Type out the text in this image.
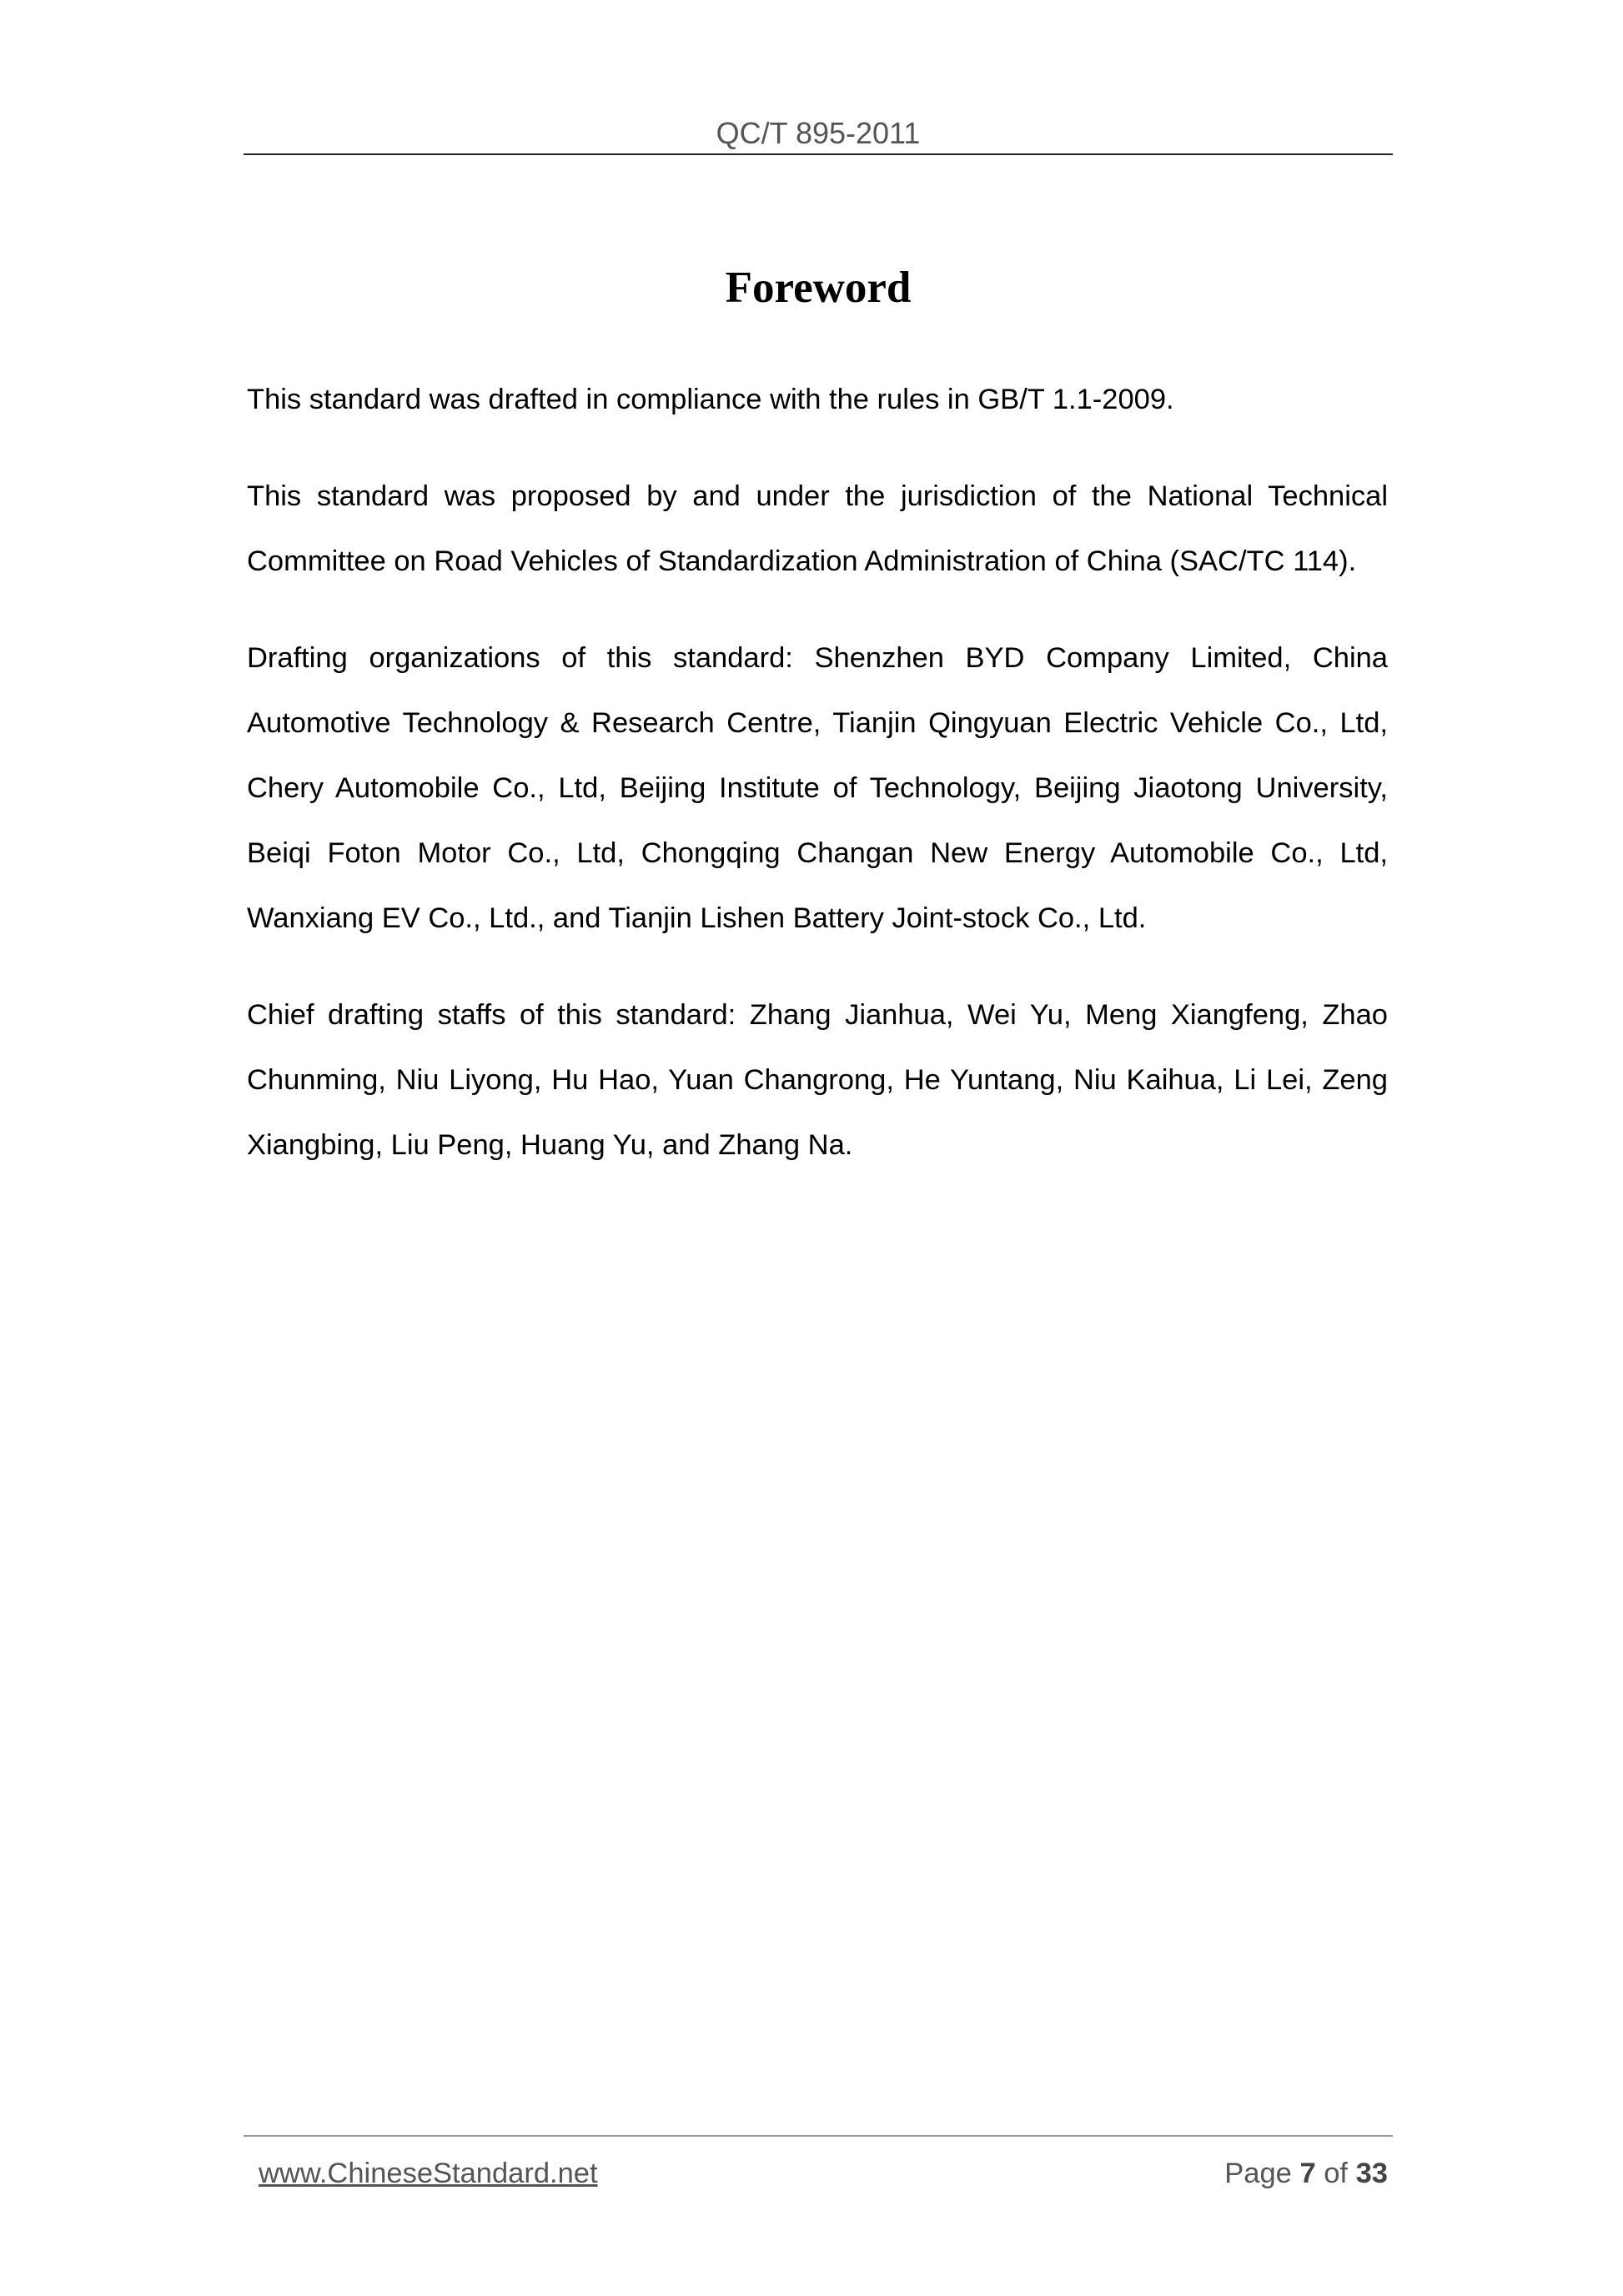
QC/T 895-2011
Foreword

This standard was drafted in compliance with the rules in GB/T 1.1-2009.

This standard was proposed by and under the jurisdiction of the National Technical Committee on Road Vehicles of Standardization Administration of China (SAC/TC 114).

Drafting organizations of this standard: Shenzhen BYD Company Limited, China Automotive Technology & Research Centre, Tianjin Qingyuan Electric Vehicle Co., Ltd, Chery Automobile Co., Ltd, Beijing Institute of Technology, Beijing Jiaotong University, Beiqi Foton Motor Co., Ltd, Chongqing Changan New Energy Automobile Co., Ltd, Wanxiang EV Co., Ltd., and Tianjin Lishen Battery Joint-stock Co., Ltd.

Chief drafting staffs of this standard: Zhang Jianhua, Wei Yu, Meng Xiangfeng, Zhao Chunming, Niu Liyong, Hu Hao, Yuan Changrong, He Yuntang, Niu Kaihua, Li Lei, Zeng Xiangbing, Liu Peng, Huang Yu, and Zhang Na.

www.ChineseStandard.net	Page 7 of 33
